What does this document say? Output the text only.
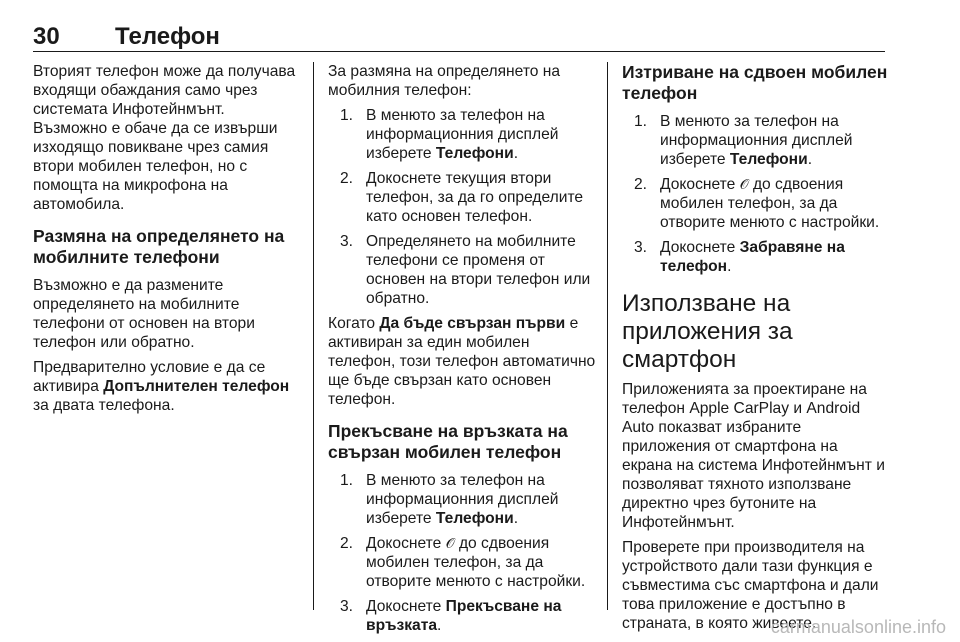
30 Телефон

Вторият телефон може да получава входящи обаждания само чрез системата Инфотейнмънт. Възможно е обаче да се извърши изходящо повикване чрез самия втори мобилен телефон, но с помощта на микрофона на автомобила.

Размяна на определянето на мобилните телефони

Възможно е да размените определянето на мобилните телефони от основен на втори телефон или обратно.

Предварително условие е да се активира Допълнителен телефон за двата телефона.

За размяна на определянето на мобилния телефон:

1. В менюто за телефон на информационния дисплей изберете Телефони.
2. Докоснете текущия втори телефон, за да го определите като основен телефон.
3. Определянето на мобилните телефони се променя от основен на втори телефон или обратно.

Когато Да бъде свързан първи е активиран за един мобилен телефон, този телефон автоматично ще бъде свързан като основен телефон.

Прекъсване на връзката на свързан мобилен телефон
1. В менюто за телефон на информационния дисплей изберете Телефони.
2. Докоснете 𝒪 до сдвоения мобилен телефон, за да отворите менюто с настройки.
3. Докоснете Прекъсване на връзката.
Изтриване на сдвоен мобилен телефон
1. В менюто за телефон на информационния дисплей изберете Телефони.
2. Докоснете 𝒪 до сдвоения мобилен телефон, за да отворите менюто с настройки.
3. Докоснете Забравяне на телефон.
Използване на приложения за смартфон

Приложенията за проектиране на телефон Apple CarPlay и Android Auto показват избраните приложения от смартфона на екрана на система Инфотейнмънт и позволяват тяхното използване директно чрез бутоните на Инфотейнмънт.

Проверете при производителя на устройството дали тази функция е съвместима със смартфона и дали това приложение е достъпно в страната, в която живеете.

carmanualsonline.info
